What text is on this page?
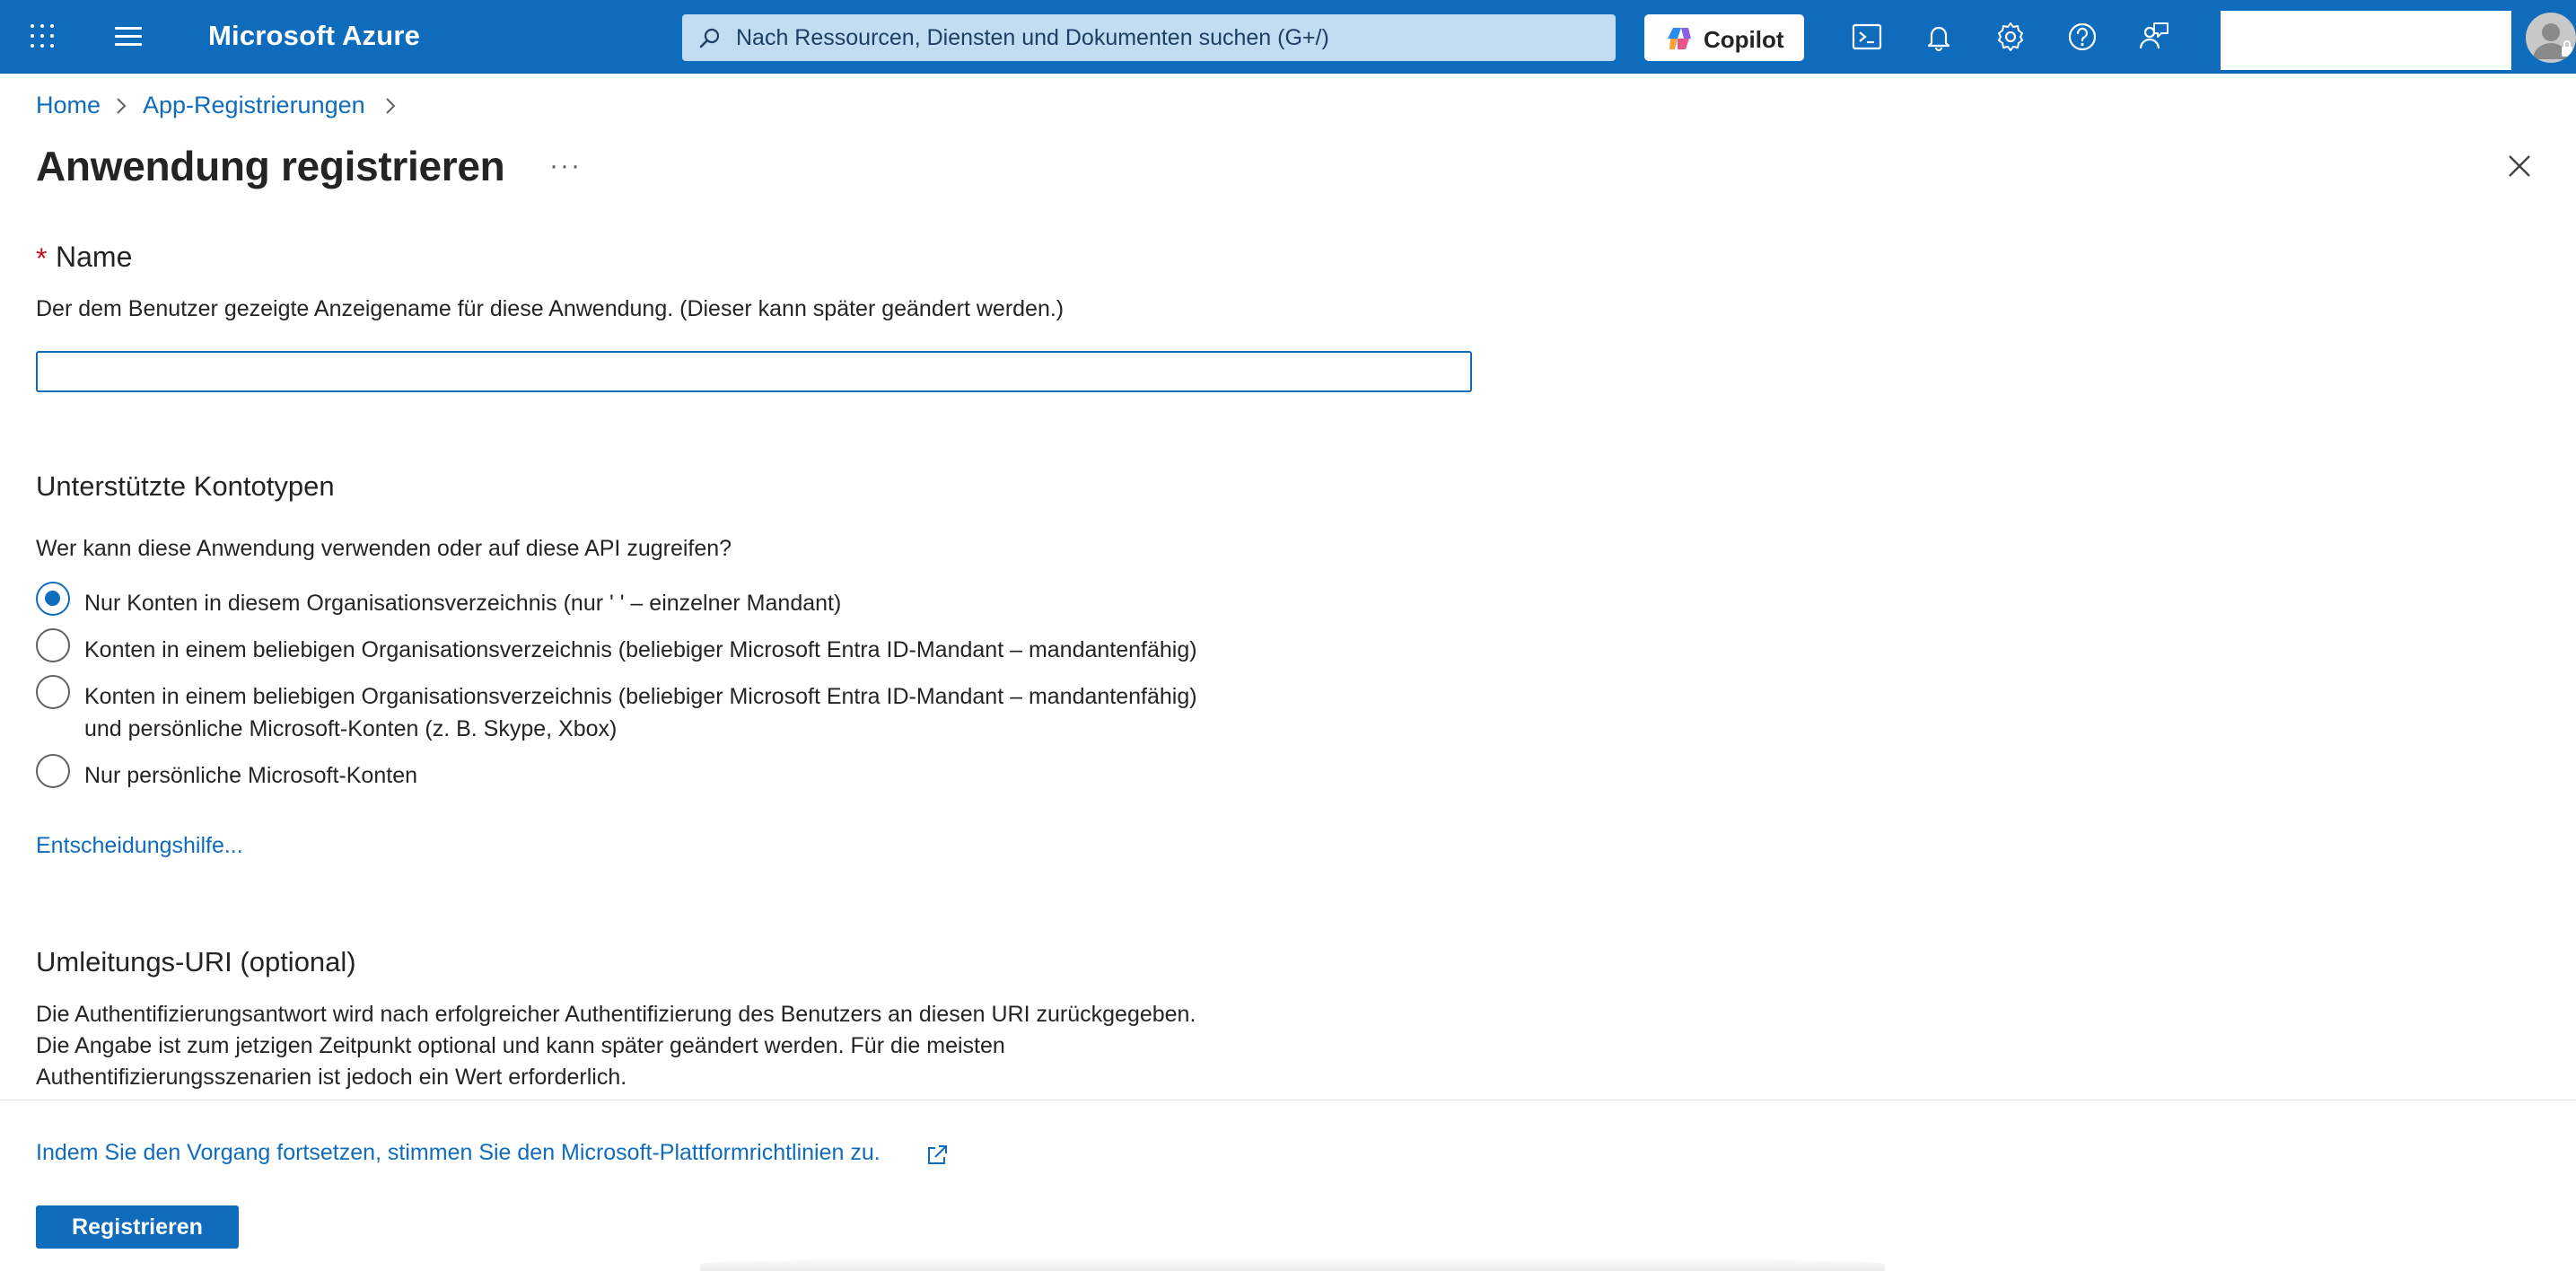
Microsoft Azure
Nach Ressourcen, Diensten und Dokumenten suchen (G+/)	Copilot
Home App-Registrierungen
Anwendung registrieren ···
* Name
Der dem Benutzer gezeigte Anzeigename für diese Anwendung. (Dieser kann später geändert werden.)
Unterstützte Kontotypen
Wer kann diese Anwendung verwenden oder auf diese API zugreifen?
Nur Konten in diesem Organisationsverzeichnis (nur ' ' – einzelner Mandant)
Konten in einem beliebigen Organisationsverzeichnis (beliebiger Microsoft Entra ID-Mandant – mandantenfähig)
Konten in einem beliebigen Organisationsverzeichnis (beliebiger Microsoft Entra ID-Mandant – mandantenfähig)
und persönliche Microsoft-Konten (z. B. Skype, Xbox)
Nur persönliche Microsoft-Konten
Entscheidungshilfe...
Umleitungs-URI (optional)
Die Authentifizierungsantwort wird nach erfolgreicher Authentifizierung des Benutzers an diesen URI zurückgegeben.
Die Angabe ist zum jetzigen Zeitpunkt optional und kann später geändert werden. Für die meisten
Authentifizierungsszenarien ist jedoch ein Wert erforderlich.
Indem Sie den Vorgang fortsetzen, stimmen Sie den Microsoft-Plattformrichtlinien zu.
Registrieren
